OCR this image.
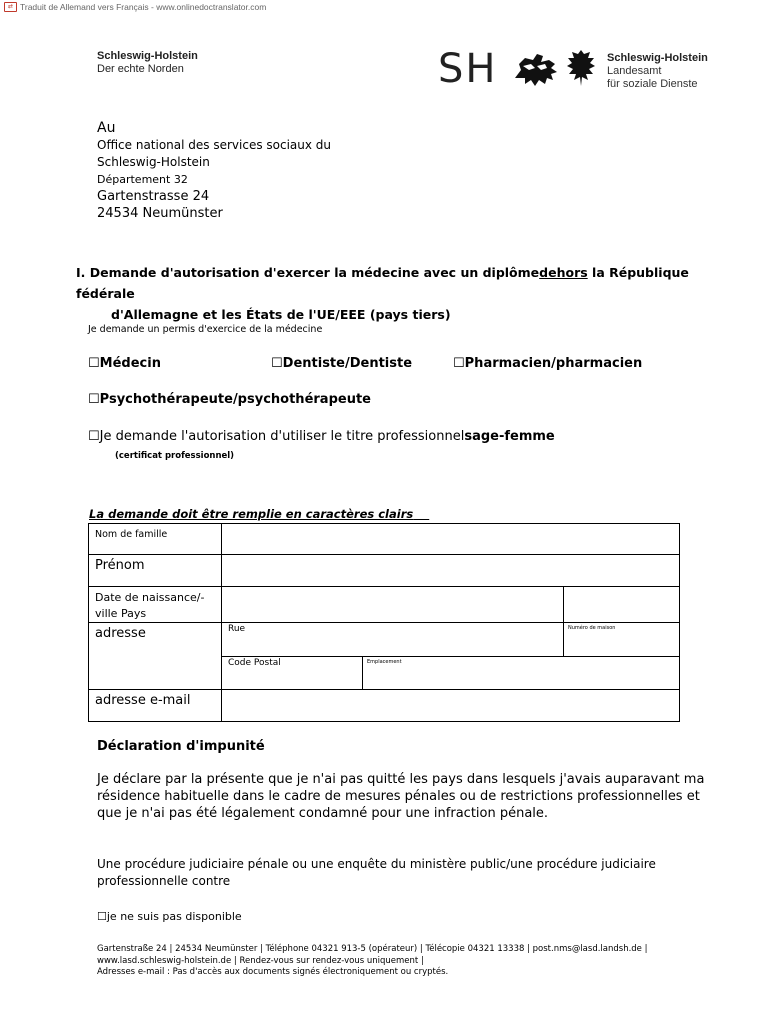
⇄ Traduit de Allemand vers Français - www.onlinedoctranslator.com
Schleswig-Holstein
Der echte Norden	SH	Schleswig-Holstein
Landesamt
für soziale Dienste
Au
Office national des services sociaux du
Schleswig-Holstein
Département 32
Gartenstrasse 24
24534 Neumünster
I. Demande d'autorisation d'exercer la médecine avec un diplômedehors la République fédérale
d'Allemagne et les États de l'UE/EEE (pays tiers)
Je demande un permis d'exercice de la médecine
☐Médecin	☐Dentiste/Dentiste	☐Pharmacien/pharmacien
☐Psychothérapeute/psychothérapeute
☐Je demande l'autorisation d'utiliser le titre professionnelsage-femme
(certificat professionnel)
La demande doit être remplie en caractères clairs
Nom de famille			

Prénom			

Date de naissance/-
ville Pays			

adresse	Rue		Numéro de maison

	Code Postal	Emplacement	

adresse e-mail			

Déclaration d'impunité
Je déclare par la présente que je n'ai pas quitté les pays dans lesquels j'avais auparavant ma résidence habituelle dans le cadre de mesures pénales ou de restrictions professionnelles et que je n'ai pas été légalement condamné pour une infraction pénale.
Une procédure judiciaire pénale ou une enquête du ministère public/une procédure judiciaire professionnelle contre
☐je ne suis pas disponible
Gartenstraße 24 | 24534 Neumünster | Téléphone 04321 913-5 (opérateur) | Télécopie 04321 13338 | post.nms@lasd.landsh.de |
www.lasd.schleswig-holstein.de | Rendez-vous sur rendez-vous uniquement |
Adresses e-mail : Pas d'accès aux documents signés électroniquement ou cryptés.
